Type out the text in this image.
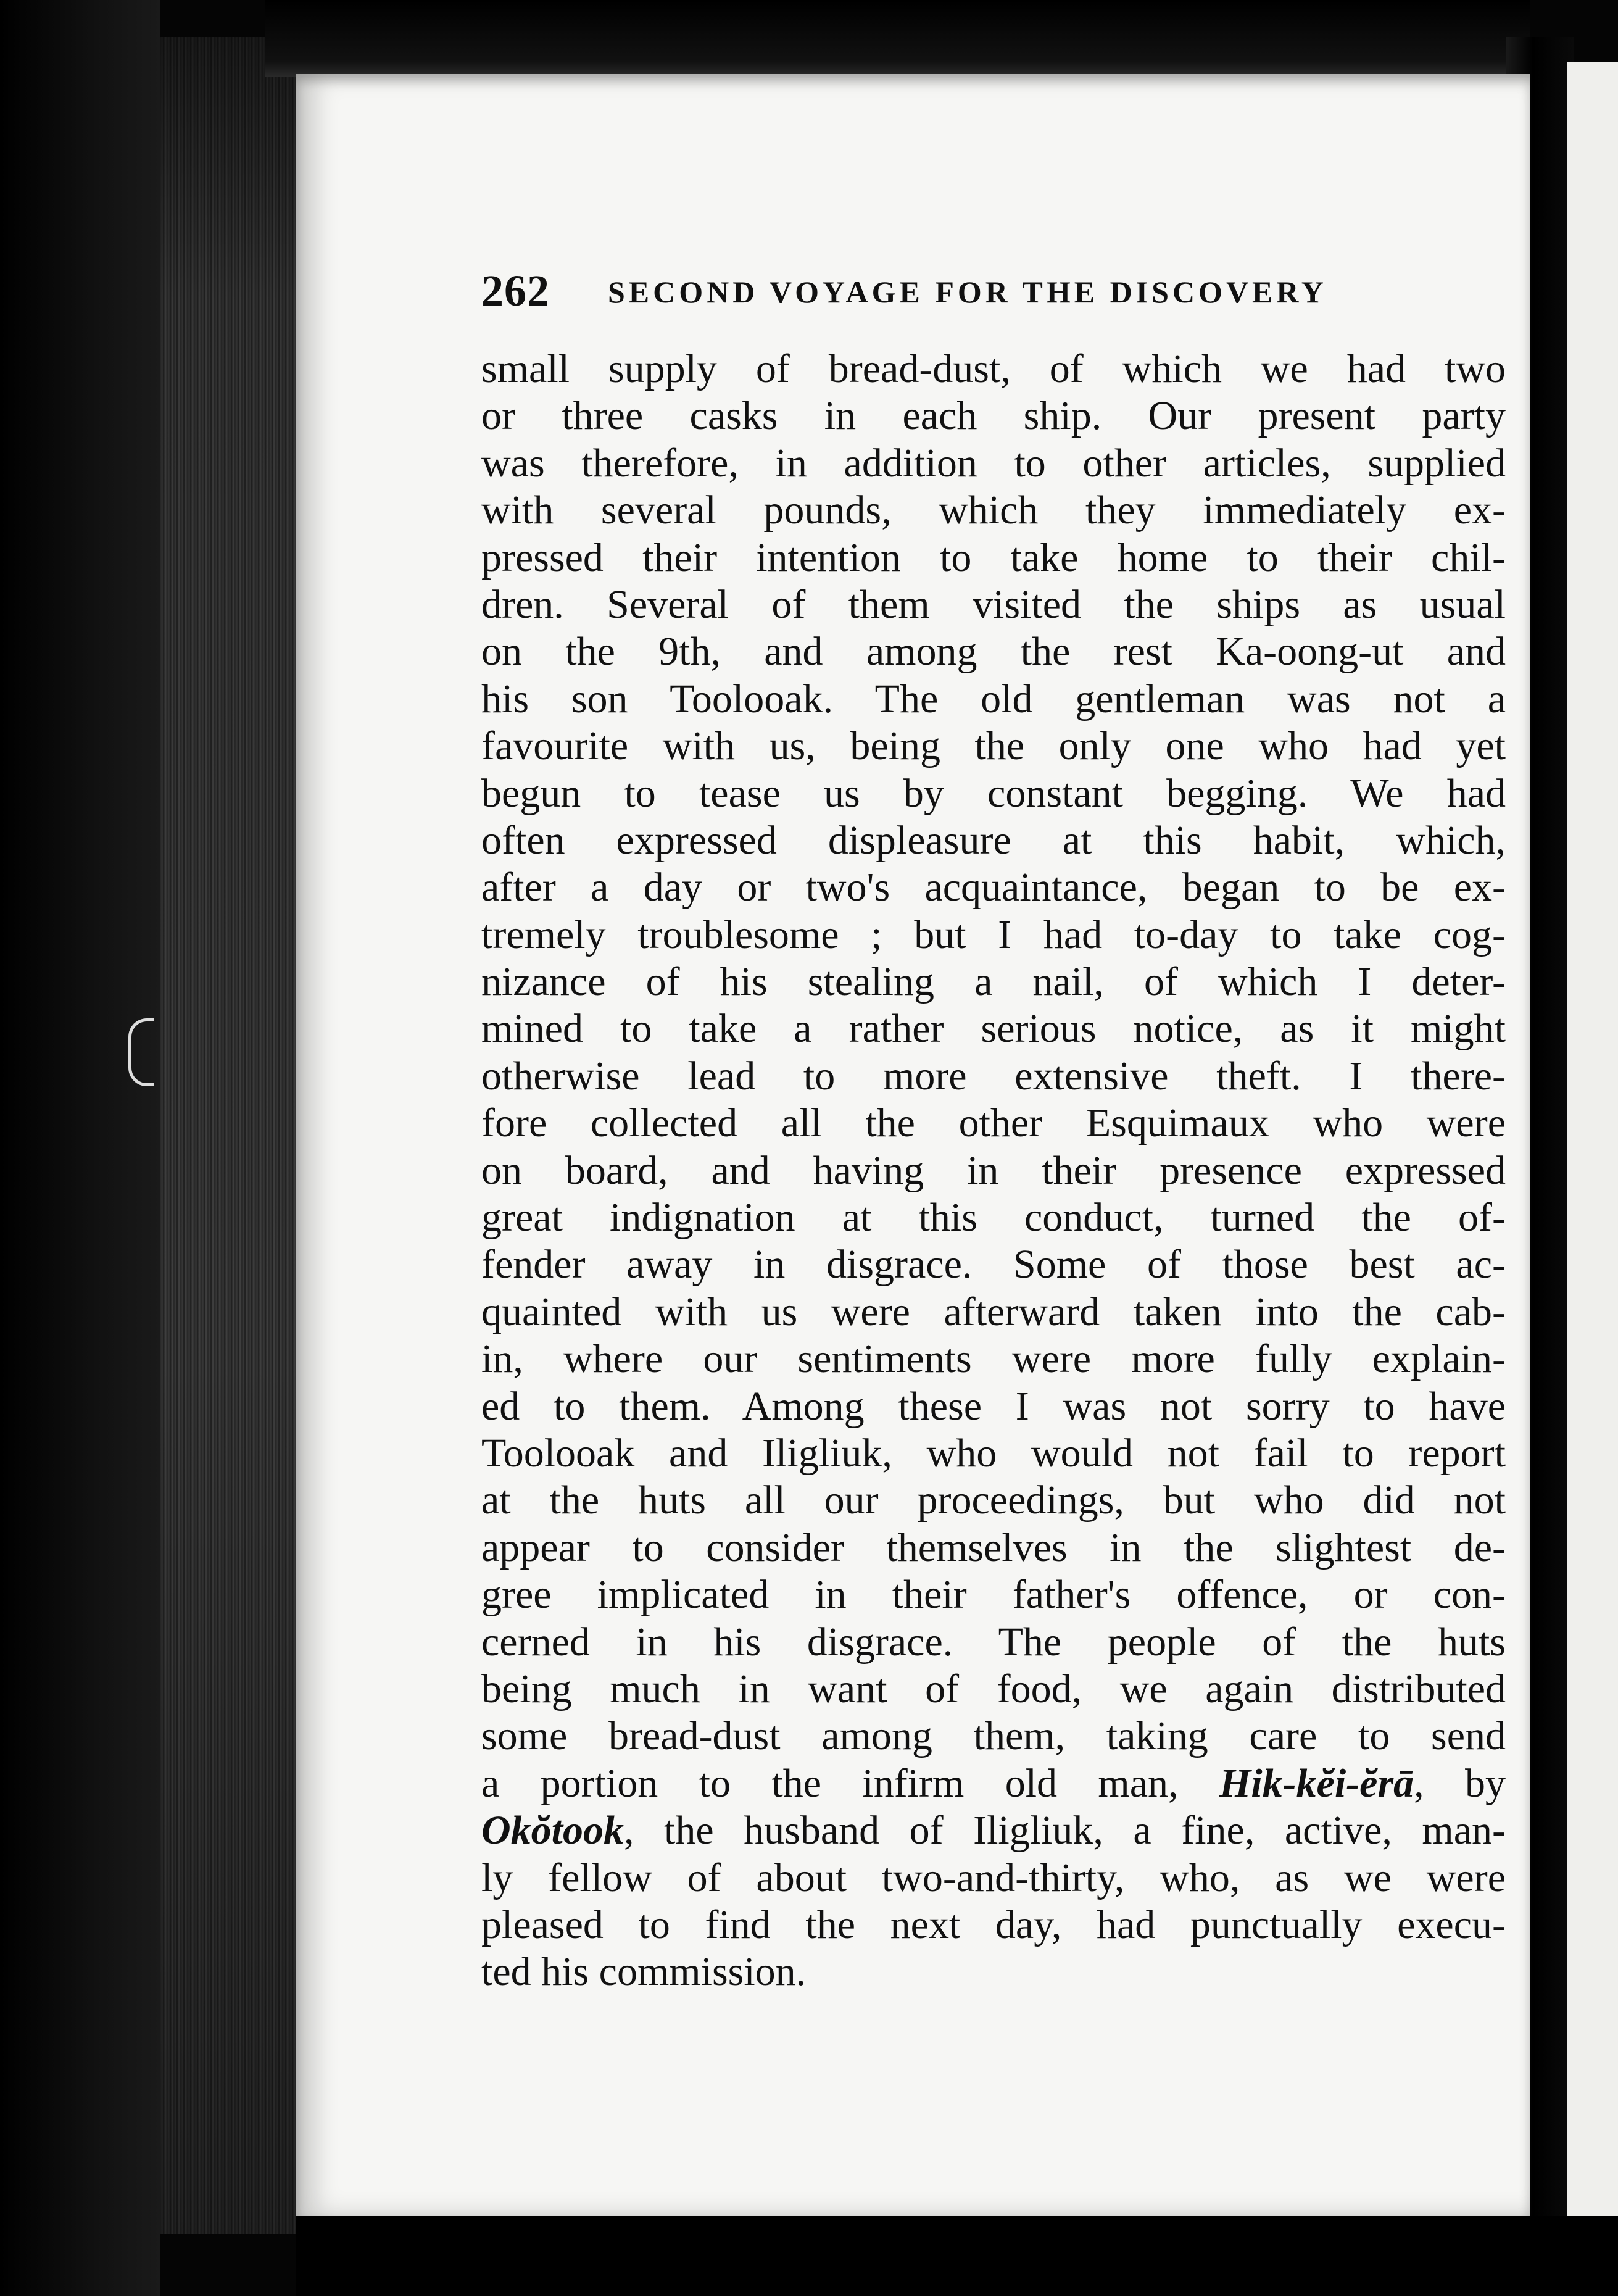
262 SECOND VOYAGE FOR THE DISCOVERY
small supply of bread-dust, of which we had two
or three casks in each ship. Our present party
was therefore, in addition to other articles, supplied
with several pounds, which they immediately ex-
pressed their intention to take home to their chil-
dren. Several of them visited the ships as usual
on the 9th, and among the rest Ka-oong-ut and
his son Toolooak. The old gentleman was not a
favourite with us, being the only one who had yet
begun to tease us by constant begging. We had
often expressed displeasure at this habit, which,
after a day or two's acquaintance, began to be ex-
tremely troublesome ; but I had to-day to take cog-
nizance of his stealing a nail, of which I deter-
mined to take a rather serious notice, as it might
otherwise lead to more extensive theft. I there-
fore collected all the other Esquimaux who were
on board, and having in their presence expressed
great indignation at this conduct, turned the of-
fender away in disgrace. Some of those best ac-
quainted with us were afterward taken into the cab-
in, where our sentiments were more fully explain-
ed to them. Among these I was not sorry to have
Toolooak and Iligliuk, who would not fail to report
at the huts all our proceedings, but who did not
appear to consider themselves in the slightest de-
gree implicated in their father's offence, or con-
cerned in his disgrace. The people of the huts
being much in want of food, we again distributed
some bread-dust among them, taking care to send
a portion to the infirm old man, Hik-kĕi-ĕrā, by
Okŏtook, the husband of Iligliuk, a fine, active, man-
ly fellow of about two-and-thirty, who, as we were
pleased to find the next day, had punctually execu-
ted his commission.
